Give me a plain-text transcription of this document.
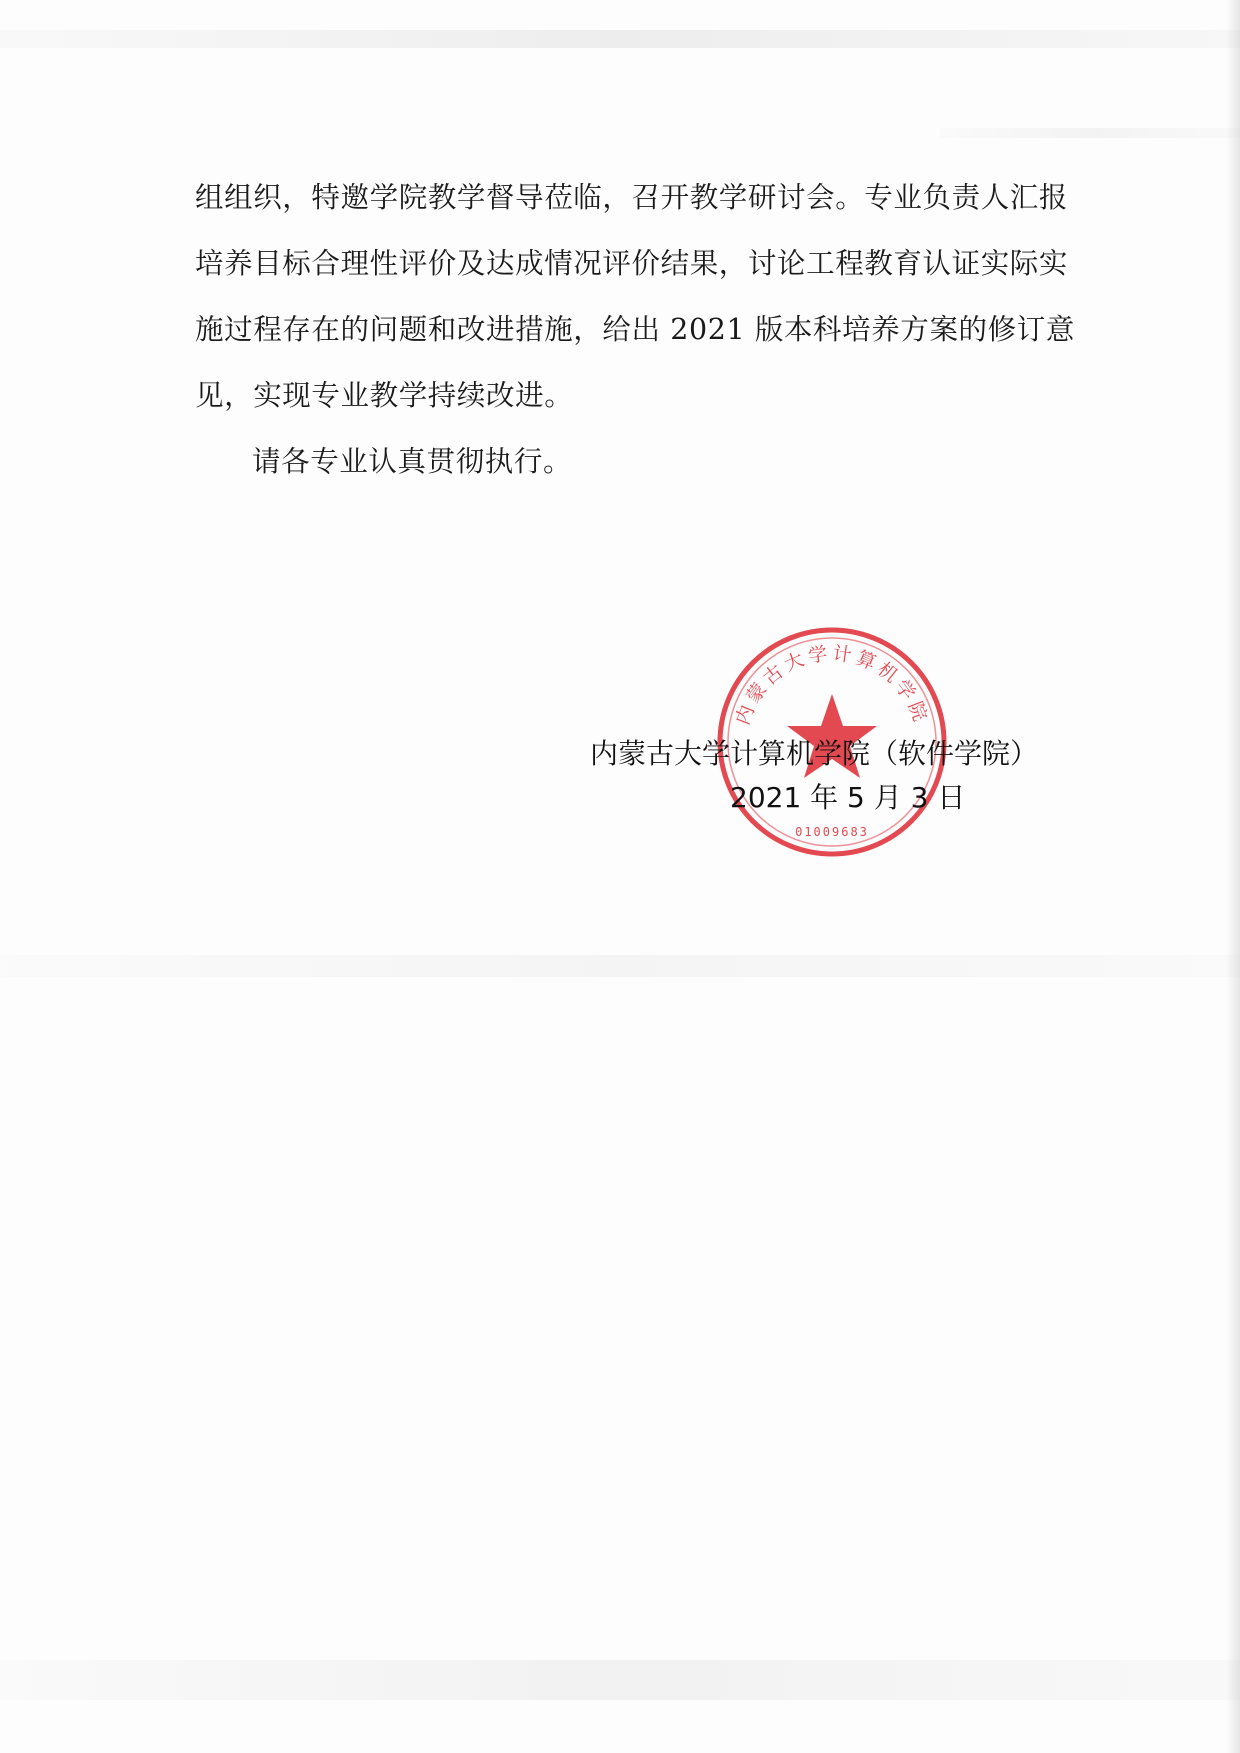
组组织，特邀学院教学督导莅临，召开教学研讨会。专业负责人汇报
培养目标合理性评价及达成情况评价结果，讨论工程教育认证实际实
施过程存在的问题和改进措施，给出 2021 版本科培养方案的修订意
见，实现专业教学持续改进。
请各专业认真贯彻执行。
内蒙古大学计算机学院
01009683
内蒙古大学计算机学院（软件学院）
2021 年 5 月 3 日
